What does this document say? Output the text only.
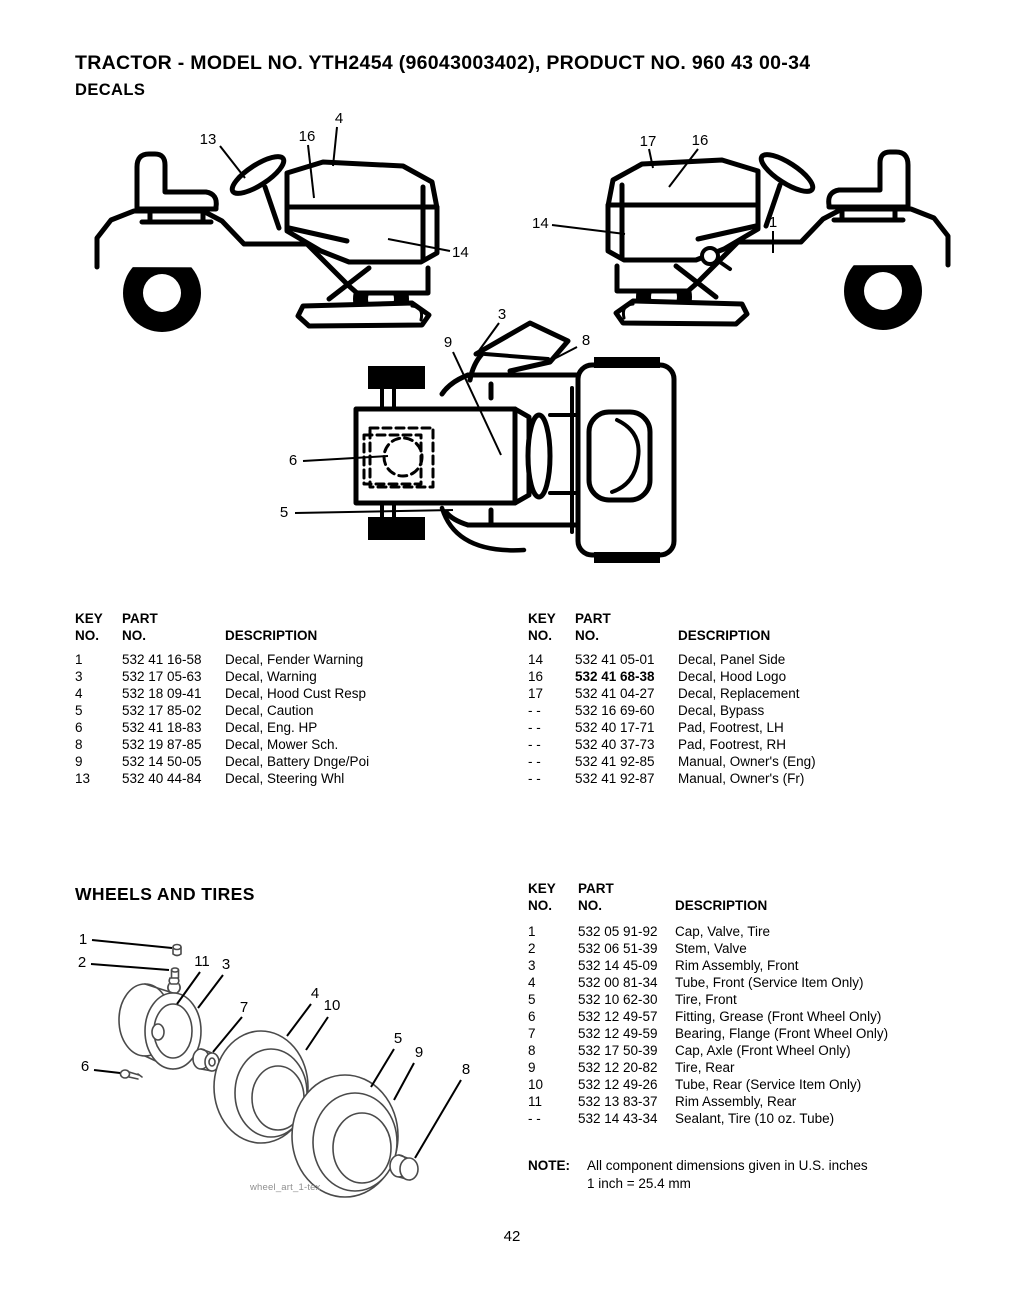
TRACTOR - MODEL NO. YTH2454 (96043003402), PRODUCT NO. 960 43 00-34
DECALS
13	16
4
14
17 16
14	1
3
8
9
6
5
KEY	PART
NO.	NO.	DESCRIPTION
1	532 41 16-58	Decal, Fender Warning
3	532 17 05-63	Decal, Warning
4	532 18 09-41	Decal, Hood Cust Resp
5	532 17 85-02	Decal, Caution
6	532 41 18-83	Decal, Eng. HP
8	532 19 87-85	Decal, Mower Sch.
9	532 14 50-05	Decal, Battery Dnge/Poi
13	532 40 44-84	Decal, Steering Whl
KEY	PART
NO.	NO.	DESCRIPTION
14	532 41 05-01	Decal, Panel Side
16	532 41 68-38	Decal, Hood Logo
17	532 41 04-27	Decal, Replacement
- -	532 16 69-60	Decal, Bypass
- -	532 40 17-71	Pad, Footrest, LH
- -	532 40 37-73	Pad, Footrest, RH
- -	532 41 92-85	Manual, Owner's (Eng)
- -	532 41 92-87	Manual, Owner's (Fr)
WHEELS AND TIRES
1
2	11 3
7
6
4
10
5
9
8
wheel_art_1-tex
KEY	PART
NO.	NO.	DESCRIPTION
1	532 05 91-92	Cap, Valve, Tire
2	532 06 51-39	Stem, Valve
3	532 14 45-09	Rim Assembly, Front
4	532 00 81-34	Tube, Front (Service Item Only)
5	532 10 62-30	Tire, Front
6	532 12 49-57	Fitting, Grease (Front Wheel Only)
7	532 12 49-59	Bearing, Flange (Front Wheel Only)
8	532 17 50-39	Cap, Axle (Front Wheel Only)
9	532 12 20-82	Tire, Rear
10	532 12 49-26	Tube, Rear (Service Item Only)
11	532 13 83-37	Rim Assembly, Rear
- -	532 14 43-34	Sealant, Tire (10 oz. Tube)
NOTE:	All component dimensions given in U.S. inches
1 inch = 25.4 mm
42
